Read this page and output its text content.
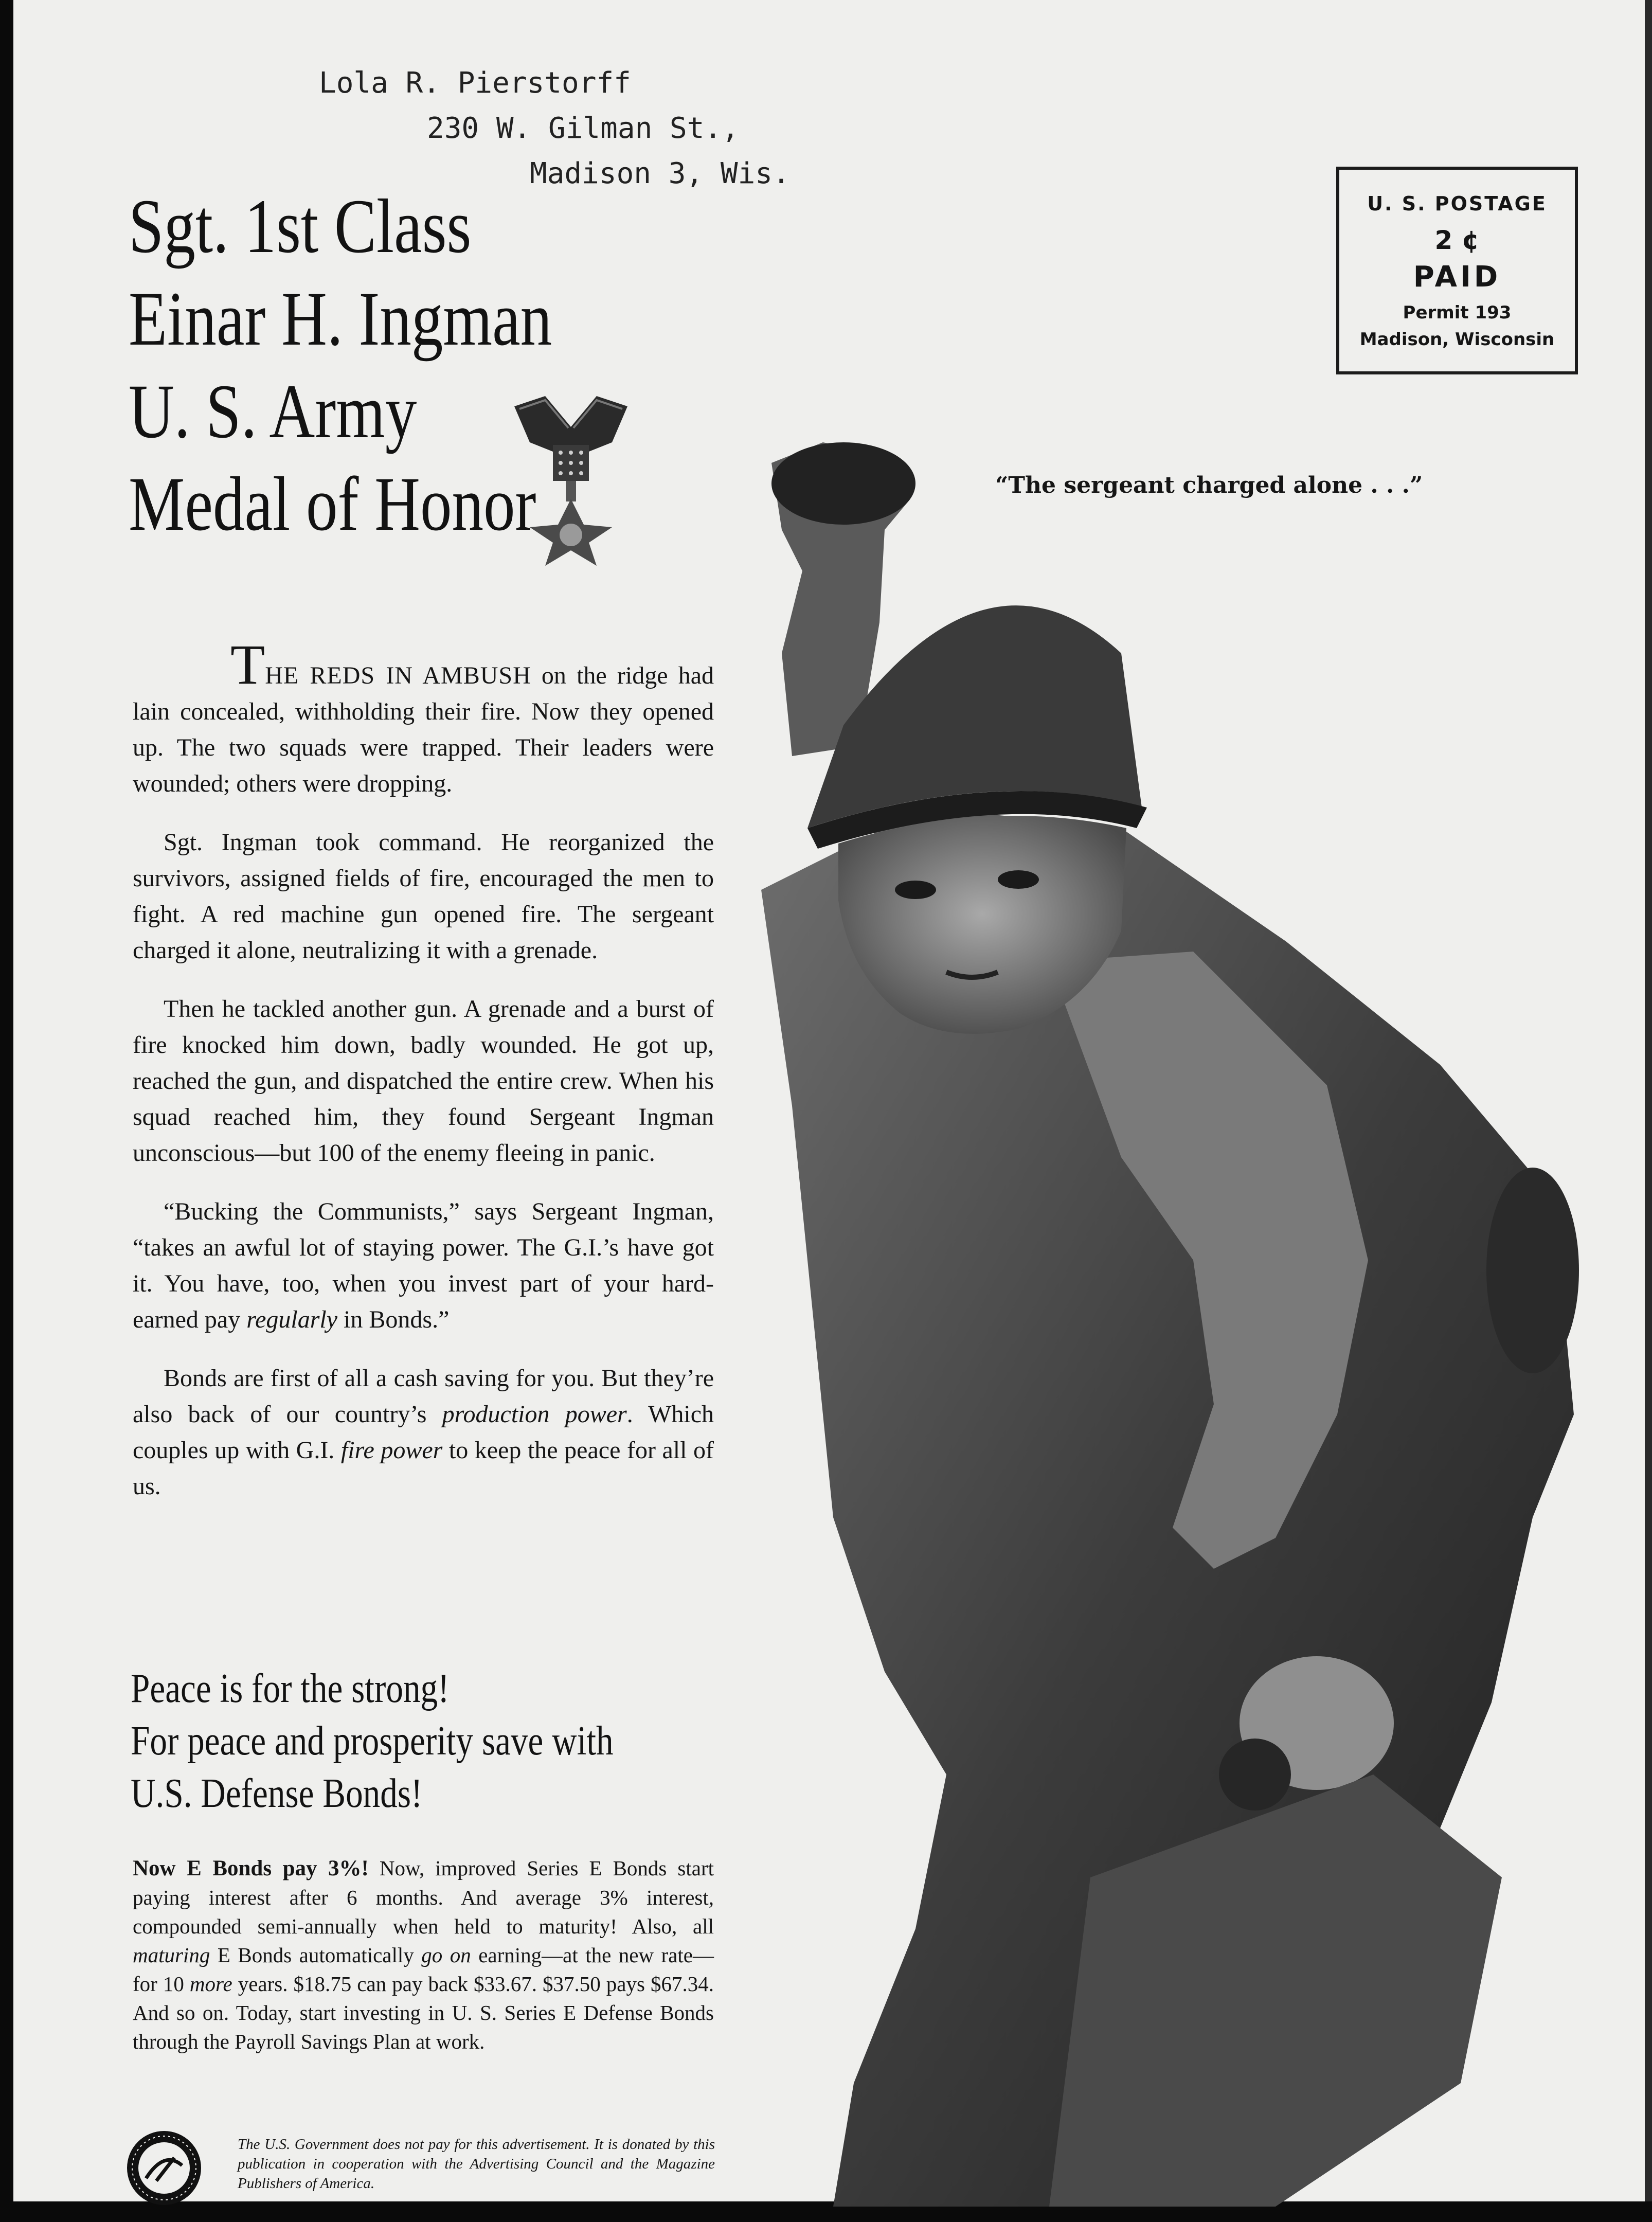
Lola R. Pierstorff
230 W. Gilman St.,
Madison 3, Wis.
U. S. POSTAGE
2 ¢
PAID
Permit 193
Madison, Wisconsin
Sgt. 1st Class
Einar H. Ingman
U. S. Army
Medal of Honor	“The sergeant charged alone . . .”

THE REDS IN AMBUSH on the ridge had lain concealed, withholding their fire. Now they opened up. The two squads were trapped. Their leaders were wounded; others were dropping.

Sgt. Ingman took command. He reorganized the survivors, assigned fields of fire, encouraged the men to fight. A red machine gun opened fire. The sergeant charged it alone, neutralizing it with a grenade.

Then he tackled another gun. A grenade and a burst of fire knocked him down, badly wounded. He got up, reached the gun, and dispatched the entire crew. When his squad reached him, they found Sergeant Ingman unconscious—but 100 of the enemy fleeing in panic.

“Bucking the Communists,” says Sergeant Ingman, “takes an awful lot of staying power. The G.I.’s have got it. You have, too, when you invest part of your hard-earned pay regularly in Bonds.”

Bonds are first of all a cash saving for you. But they’re also back of our country’s production power. Which couples up with G.I. fire power to keep the peace for all of us.

Peace is for the strong!
For peace and prosperity save with
U.S. Defense Bonds!
Now E Bonds pay 3%! Now, improved Series E Bonds start paying interest after 6 months. And average 3% interest, compounded semi-annually when held to maturity! Also, all maturing E Bonds automatically go on earning—at the new rate—for 10 more years. $18.75 can pay back $33.67. $37.50 pays $67.34. And so on. Today, start investing in U. S. Series E Defense Bonds through the Payroll Savings Plan at work.
The U.S. Government does not pay for this advertisement. It is donated by this publication in cooperation with the Advertising Council and the Magazine Publishers of America.
